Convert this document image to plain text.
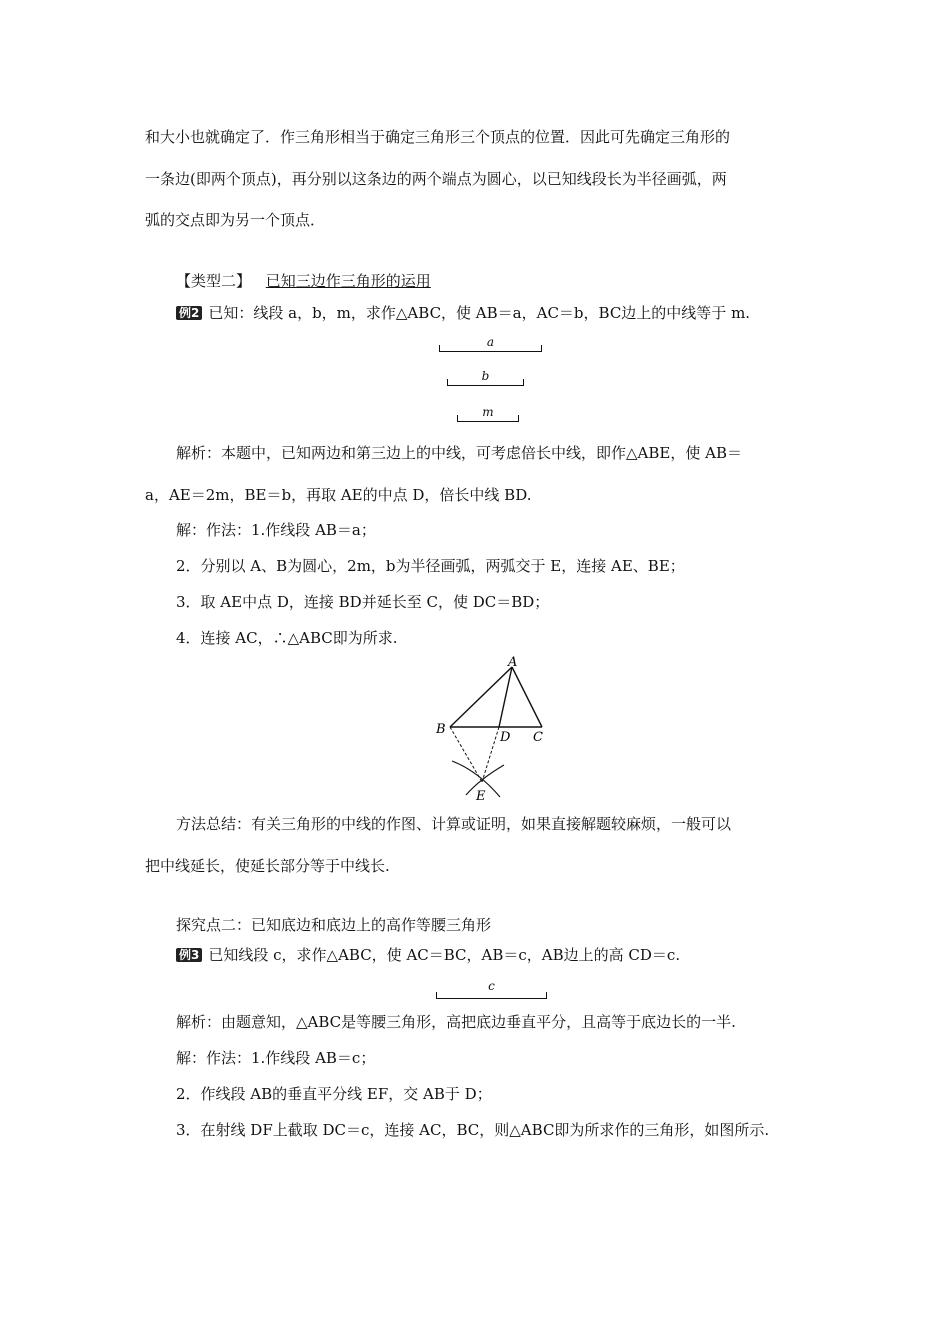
和大小也就确定了．作三角形相当于确定三角形三个顶点的位置．因此可先确定三角形的
一条边(即两个顶点)，再分别以这条边的两个端点为圆心，以已知线段长为半径画弧，两
弧的交点即为另一个顶点．
【类型二】 已知三边作三角形的运用
例2 已知：线段 a，b，m，求作△ABC，使 AB＝a，AC＝b，BC边上的中线等于 m.
a
b
m
解析：本题中，已知两边和第三边上的中线，可考虑倍长中线，即作△ABE，使 AB＝
a，AE＝2m，BE＝b，再取 AE的中点 D，倍长中线 BD.
解：作法：1.作线段 AB＝a；
2．分别以 A、B为圆心，2m，b为半径画弧，两弧交于 E，连接 AE、BE；
3．取 AE中点 D，连接 BD并延长至 C，使 DC＝BD；
4．连接 AC，∴△ABC即为所求.
A
B
C
D
E
方法总结：有关三角形的中线的作图、计算或证明，如果直接解题较麻烦，一般可以
把中线延长，使延长部分等于中线长.
探究点二：已知底边和底边上的高作等腰三角形
例3 已知线段 c，求作△ABC，使 AC＝BC，AB＝c，AB边上的高 CD＝c.
c
解析：由题意知，△ABC是等腰三角形，高把底边垂直平分，且高等于底边长的一半.
解：作法：1.作线段 AB＝c；
2．作线段 AB的垂直平分线 EF，交 AB于 D；
3．在射线 DF上截取 DC＝c，连接 AC，BC，则△ABC即为所求作的三角形，如图所示.
